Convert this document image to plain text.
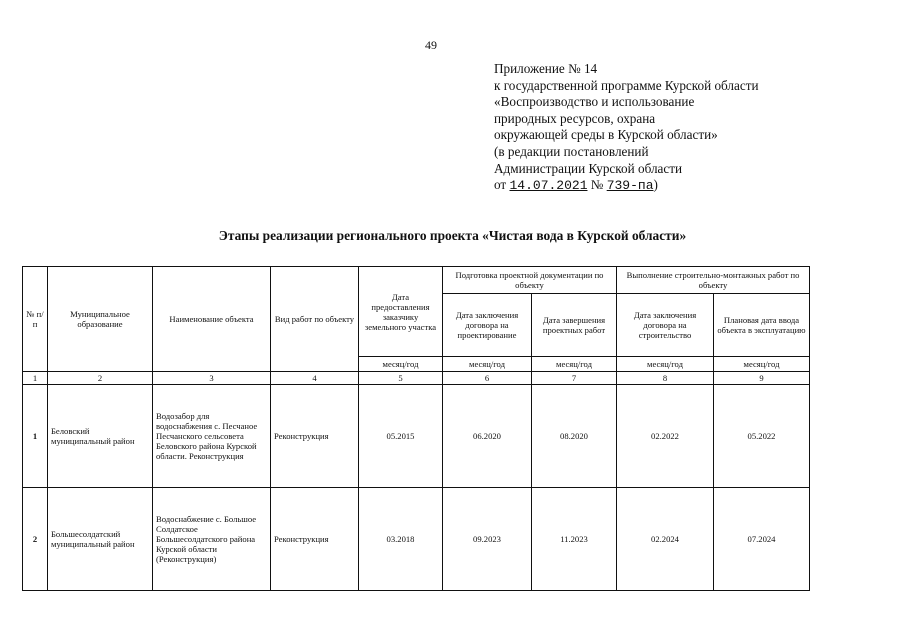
49
Приложение № 14
к государственной программе Курской области
«Воспроизводство и использование
природных ресурсов, охрана
окружающей среды в Курской области»
(в редакции постановлений
Администрации Курской области
от 14.07.2021 № 739-па)
Этапы реализации регионального проекта «Чистая вода в Курской области»
№ п/п	Муниципальное образование	Наименование объекта	Вид работ по объекту	Дата предоставления заказчику земельного участка	Подготовка проектной документации по объекту		Выполнение строительно-монтажных работ по объекту	
					Дата заключения договора на проектирование	Дата завершения проектных работ	Дата заключения договора на строительство	Плановая дата ввода объекта в эксплуатацию
				месяц/год	месяц/год	месяц/год	месяц/год	месяц/год
1	2	3	4	5	6	7	8	9
1	Беловский муниципальный район	Водозабор для водоснабжения с. Песчаное Песчанского сельсовета Беловского района Курской области. Реконструкция	Реконструкция	05.2015	06.2020	08.2020	02.2022	05.2022
2	Большесолдатский муниципальный район	Водоснабжение с. Большое Солдатское Большесолдатского района Курской области (Реконструкция)	Реконструкция	03.2018	09.2023	11.2023	02.2024	07.2024
